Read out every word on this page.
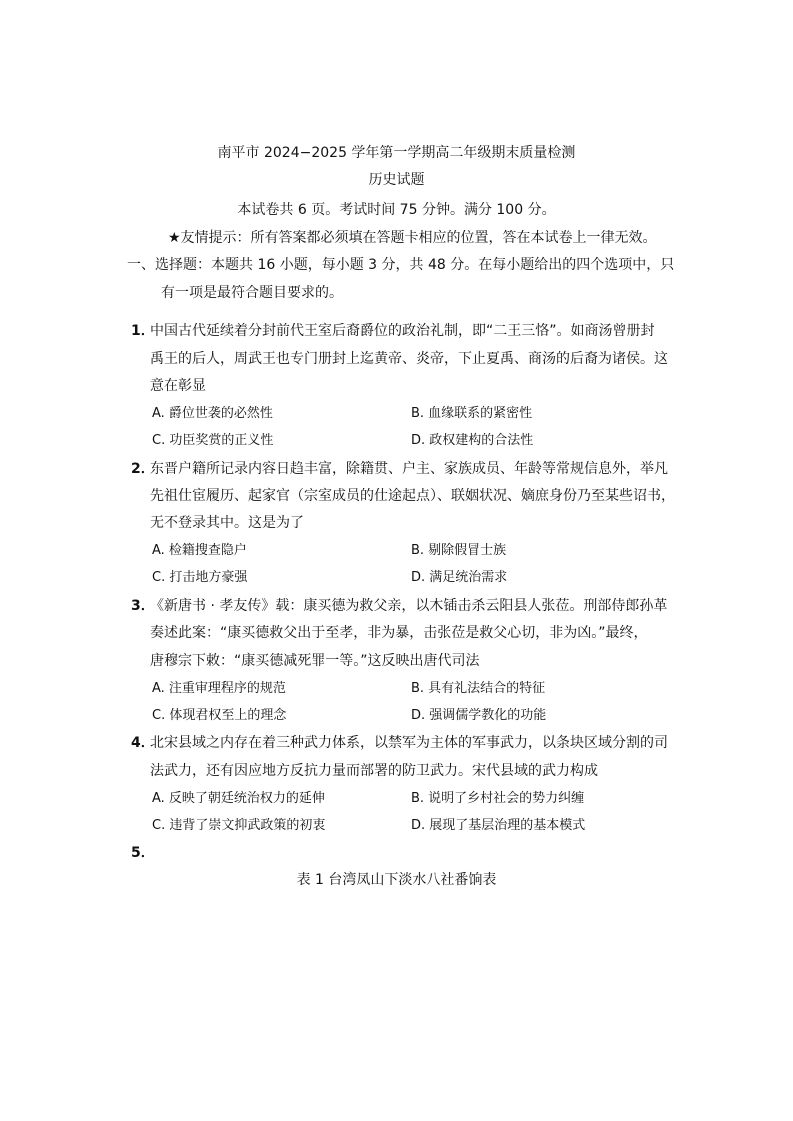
南平市 2024−2025 学年第一学期高二年级期末质量检测
历史试题
本试卷共 6 页。考试时间 75 分钟。满分 100 分。
★友情提示：所有答案都必须填在答题卡相应的位置，答在本试卷上一律无效。
一、选择题：本题共 16 小题，每小题 3 分，共 48 分。在每小题给出的四个选项中，只
有一项是最符合题目要求的。
1．
中国古代延续着分封前代王室后裔爵位的政治礼制，即“二王三恪”。如商汤曾册封
禹王的后人，周武王也专门册封上迄黄帝、炎帝，下止夏禹、商汤的后裔为诸侯。这
意在彰显
A. 爵位世袭的必然性	B. 血缘联系的紧密性
C. 功臣奖赏的正义性	D. 政权建构的合法性
2．
东晋户籍所记录内容日趋丰富，除籍贯、户主、家族成员、年龄等常规信息外，举凡
先祖仕宦履历、起家官（宗室成员的仕途起点）、联姻状况、嫡庶身份乃至某些诏书，
无不登录其中。这是为了
A. 检籍搜查隐户	B. 剔除假冒士族
C. 打击地方豪强	D. 满足统治需求
3．
《新唐书 · 孝友传》载：康买德为救父亲，以木锸击杀云阳县人张莅。刑部侍郎孙革
奏述此案：“康买德救父出于至孝，非为暴，击张莅是救父心切，非为凶。”最终，
唐穆宗下敕：“康买德减死罪一等。”这反映出唐代司法
A. 注重审理程序的规范	B. 具有礼法结合的特征
C. 体现君权至上的理念	D. 强调儒学教化的功能
4．
北宋县域之内存在着三种武力体系，以禁军为主体的军事武力，以条块区域分割的司
法武力，还有因应地方反抗力量而部署的防卫武力。宋代县域的武力构成
A. 反映了朝廷统治权力的延伸	B. 说明了乡村社会的势力纠缠
C. 违背了崇文抑武政策的初衷	D. 展现了基层治理的基本模式
5．
表 1 台湾凤山下淡水八社番饷表
